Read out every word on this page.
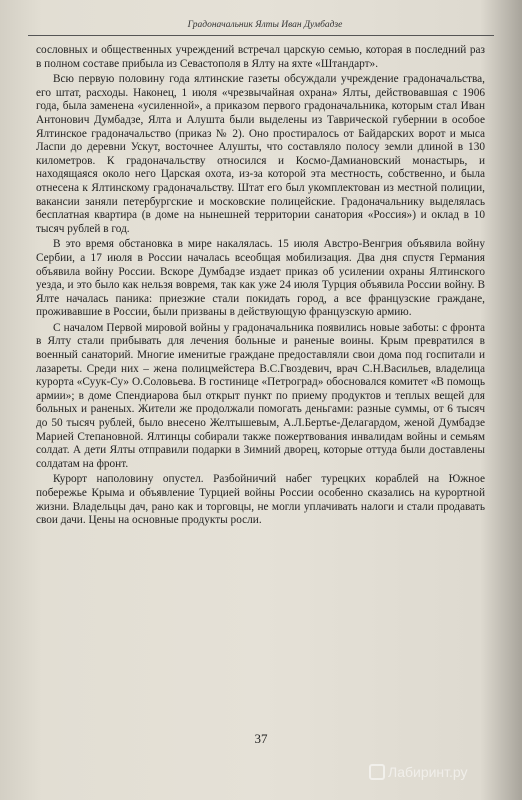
Градоначальник Ялты Иван Думбадзе

сословных и общественных учреждений встречал царскую семью, которая в последний раз в полном составе прибыла из Севастополя в Ялту на яхте «Штандарт».

Всю первую половину года ялтинские газеты обсуждали учреждение градоначальства, его штат, расходы. Наконец, 1 июля «чрезвычайная охрана» Ялты, действовавшая с 1906 года, была заменена «усиленной», а приказом первого градоначальника, которым стал Иван Антонович Думбадзе, Ялта и Алушта были выделены из Таврической губернии в особое Ялтинское градоначальство (приказ № 2). Оно простиралось от Байдарских ворот и мыса Ласпи до деревни Ускут, восточнее Алушты, что составляло полосу земли длиной в 130 километров. К градоначальству относился и Космо-Дамиановский монастырь, и находящаяся около него Царская охота, из-за которой эта местность, собственно, и была отнесена к Ялтинскому градоначальству. Штат его был укомплектован из местной полиции, вакансии заняли петербургские и московские полицейские. Градоначальнику выделялась бесплатная квартира (в доме на нынешней территории санатория «Россия») и оклад в 10 тысяч рублей в год.

В это время обстановка в мире накалялась. 15 июля Австро-Венгрия объявила войну Сербии, а 17 июля в России началась всеобщая мобилизация. Два дня спустя Германия объявила войну России. Вскоре Думбадзе издает приказ об усилении охраны Ялтинского уезда, и это было как нельзя вовремя, так как уже 24 июля Турция объявила России войну. В Ялте началась паника: приезжие стали покидать город, а все французские граждане, проживавшие в России, были призваны в действующую французскую армию.

С началом Первой мировой войны у градоначальника появились новые заботы: с фронта в Ялту стали прибывать для лечения больные и раненые воины. Крым превратился в военный санаторий. Многие именитые граждане предоставляли свои дома под госпитали и лазареты. Среди них – жена полицмейстера В.С.Гвоздевич, врач С.Н.Васильев, владелица курорта «Суук-Су» О.Соловьева. В гостинице «Петроград» обосновался комитет «В помощь армии»; в доме Спендиарова был открыт пункт по приему продуктов и теплых вещей для больных и раненых. Жители же продолжали помогать деньгами: разные суммы, от 6 тысяч до 50 тысяч рублей, было внесено Желтышевым, А.Л.Бертье-Делагардом, женой Думбадзе Марией Степановной. Ялтинцы собирали также пожертвования инвалидам войны и семьям солдат. А дети Ялты отправили подарки в Зимний дворец, которые оттуда были доставлены солдатам на фронт.

Курорт наполовину опустел. Разбойничий набег турецких кораблей на Южное побережье Крыма и объявление Турцией войны России особенно сказались на курортной жизни. Владельцы дач, рано как и торговцы, не могли уплачивать налоги и стали продавать свои дачи. Цены на основные продукты росли.

37
Лабиринт.ру
